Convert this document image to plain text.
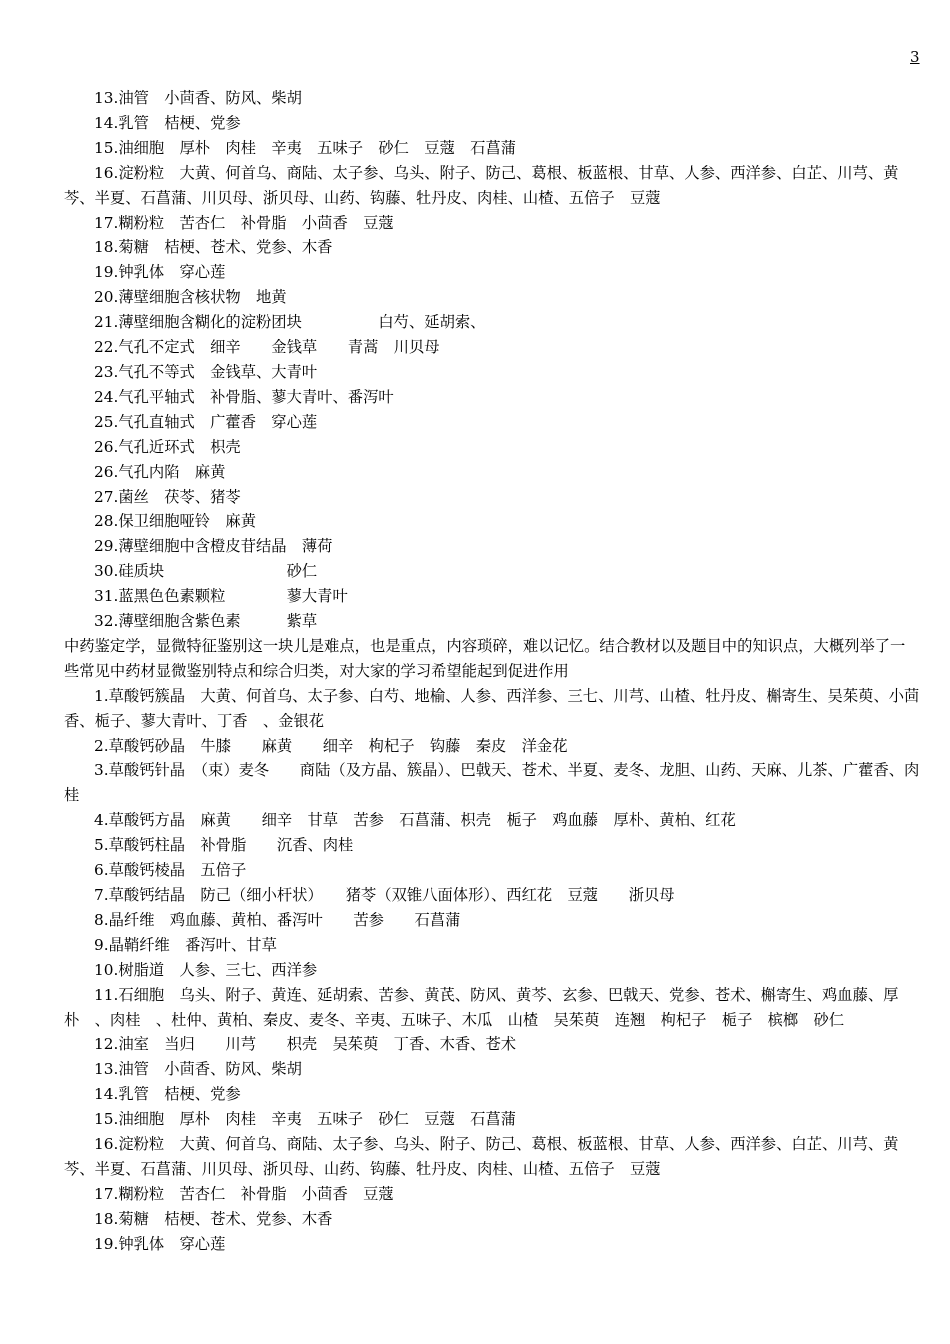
3
13.油管　小茴香、防风、柴胡
14.乳管　桔梗、党参
15.油细胞　厚朴　肉桂　辛夷　五味子　砂仁　豆蔻　石菖蒲
16.淀粉粒　大黄、何首乌、商陆、太子参、乌头、附子、防己、葛根、板蓝根、甘草、人参、西洋参、白芷、川芎、黄芩、半夏、石菖蒲、川贝母、浙贝母、山药、钩藤、牡丹皮、肉桂、山楂、五倍子　豆蔻
17.糊粉粒　苦杏仁　补骨脂　小茴香　豆蔻
18.菊糖　桔梗、苍术、党参、木香
19.钟乳体　穿心莲
20.薄壁细胞含核状物　地黄
21.薄壁细胞含糊化的淀粉团块　　　　　白芍、延胡索、
22.气孔不定式　细辛　　金钱草　　青蒿　川贝母
23.气孔不等式　金钱草、大青叶
24.气孔平轴式　补骨脂、蓼大青叶、番泻叶
25.气孔直轴式　广藿香　穿心莲
26.气孔近环式　枳壳
26.气孔内陷　麻黄
27.菌丝　茯苓、猪苓
28.保卫细胞哑铃　麻黄
29.薄壁细胞中含橙皮苷结晶　薄荷
30.硅质块　　　　　　　　砂仁
31.蓝黑色色素颗粒　　　　蓼大青叶
32.薄壁细胞含紫色素　　　紫草
中药鉴定学，显微特征鉴别这一块儿是难点，也是重点，内容琐碎，难以记忆。结合教材以及题目中的知识点，大概列举了一些常见中药材显微鉴别特点和综合归类，对大家的学习希望能起到促进作用
1.草酸钙簇晶　大黄、何首乌、太子参、白芍、地榆、人参、西洋参、三七、川芎、山楂、牡丹皮、槲寄生、吴茱萸、小茴香、栀子、蓼大青叶、丁香　、金银花
2.草酸钙砂晶　牛膝　　麻黄　　细辛　枸杞子　钩藤　秦皮　洋金花
3.草酸钙针晶　（束）麦冬　　商陆（及方晶、簇晶）、巴戟天、苍术、半夏、麦冬、龙胆、山药、天麻、儿茶、广藿香、肉桂
4.草酸钙方晶　麻黄　　细辛　甘草　苦参　石菖蒲、枳壳　栀子　鸡血藤　厚朴、黄柏、红花
5.草酸钙柱晶　补骨脂　　沉香、肉桂
6.草酸钙棱晶　五倍子
7.草酸钙结晶　防己（细小杆状）　　猪苓（双锥八面体形）、西红花　豆蔻　　浙贝母
8.晶纤维　鸡血藤、黄柏、番泻叶　　苦参　　石菖蒲
9.晶鞘纤维　番泻叶、甘草
10.树脂道　人参、三七、西洋参
11.石细胞　乌头、附子、黄连、延胡索、苦参、黄芪、防风、黄芩、玄参、巴戟天、党参、苍术、槲寄生、鸡血藤、厚朴　、肉桂　、杜仲、黄柏、秦皮、麦冬、辛夷、五味子、木瓜　山楂　吴茱萸　连翘　枸杞子　栀子　槟榔　砂仁
12.油室　当归　　川芎　　枳壳　吴茱萸　丁香、木香、苍术
13.油管　小茴香、防风、柴胡
14.乳管　桔梗、党参
15.油细胞　厚朴　肉桂　辛夷　五味子　砂仁　豆蔻　石菖蒲
16.淀粉粒　大黄、何首乌、商陆、太子参、乌头、附子、防己、葛根、板蓝根、甘草、人参、西洋参、白芷、川芎、黄芩、半夏、石菖蒲、川贝母、浙贝母、山药、钩藤、牡丹皮、肉桂、山楂、五倍子　豆蔻
17.糊粉粒　苦杏仁　补骨脂　小茴香　豆蔻
18.菊糖　桔梗、苍术、党参、木香
19.钟乳体　穿心莲
